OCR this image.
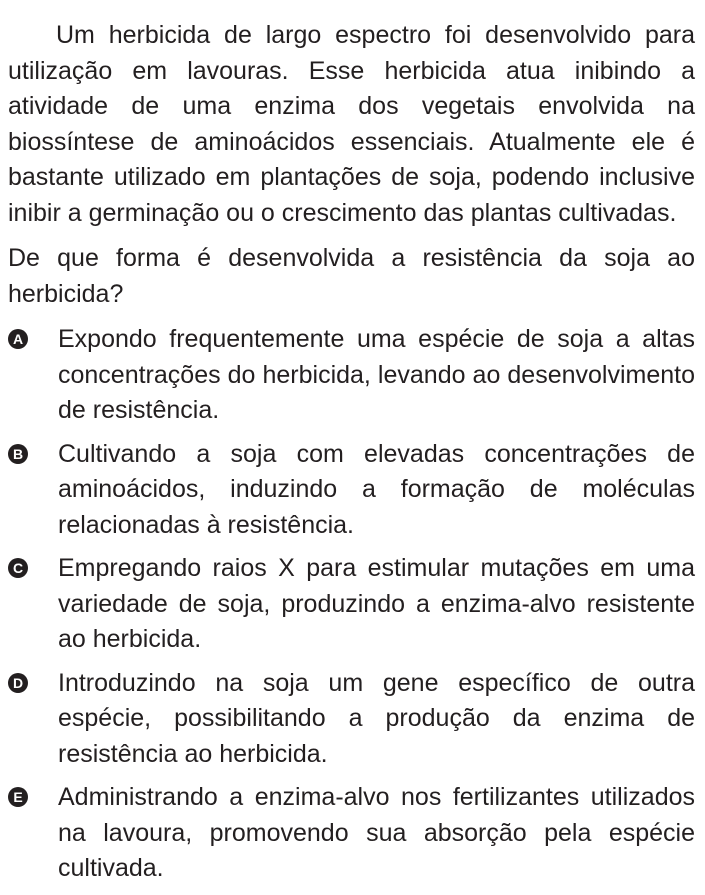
Um herbicida de largo espectro foi desenvolvido para utilização em lavouras. Esse herbicida atua inibindo a atividade de uma enzima dos vegetais envolvida na biossíntese de aminoácidos essenciais. Atualmente ele é bastante utilizado em plantações de soja, podendo inclusive inibir a germinação ou o crescimento das plantas cultivadas.

De que forma é desenvolvida a resistência da soja ao herbicida?

A Expondo frequentemente uma espécie de soja a altas concentrações do herbicida, levando ao desenvolvimento de resistência.

B Cultivando a soja com elevadas concentrações de aminoácidos, induzindo a formação de moléculas relacionadas à resistência.

C Empregando raios X para estimular mutações em uma variedade de soja, produzindo a enzima-alvo resistente ao herbicida.

D Introduzindo na soja um gene específico de outra espécie, possibilitando a produção da enzima de resistência ao herbicida.

E Administrando a enzima-alvo nos fertilizantes utilizados na lavoura, promovendo sua absorção pela espécie cultivada.
